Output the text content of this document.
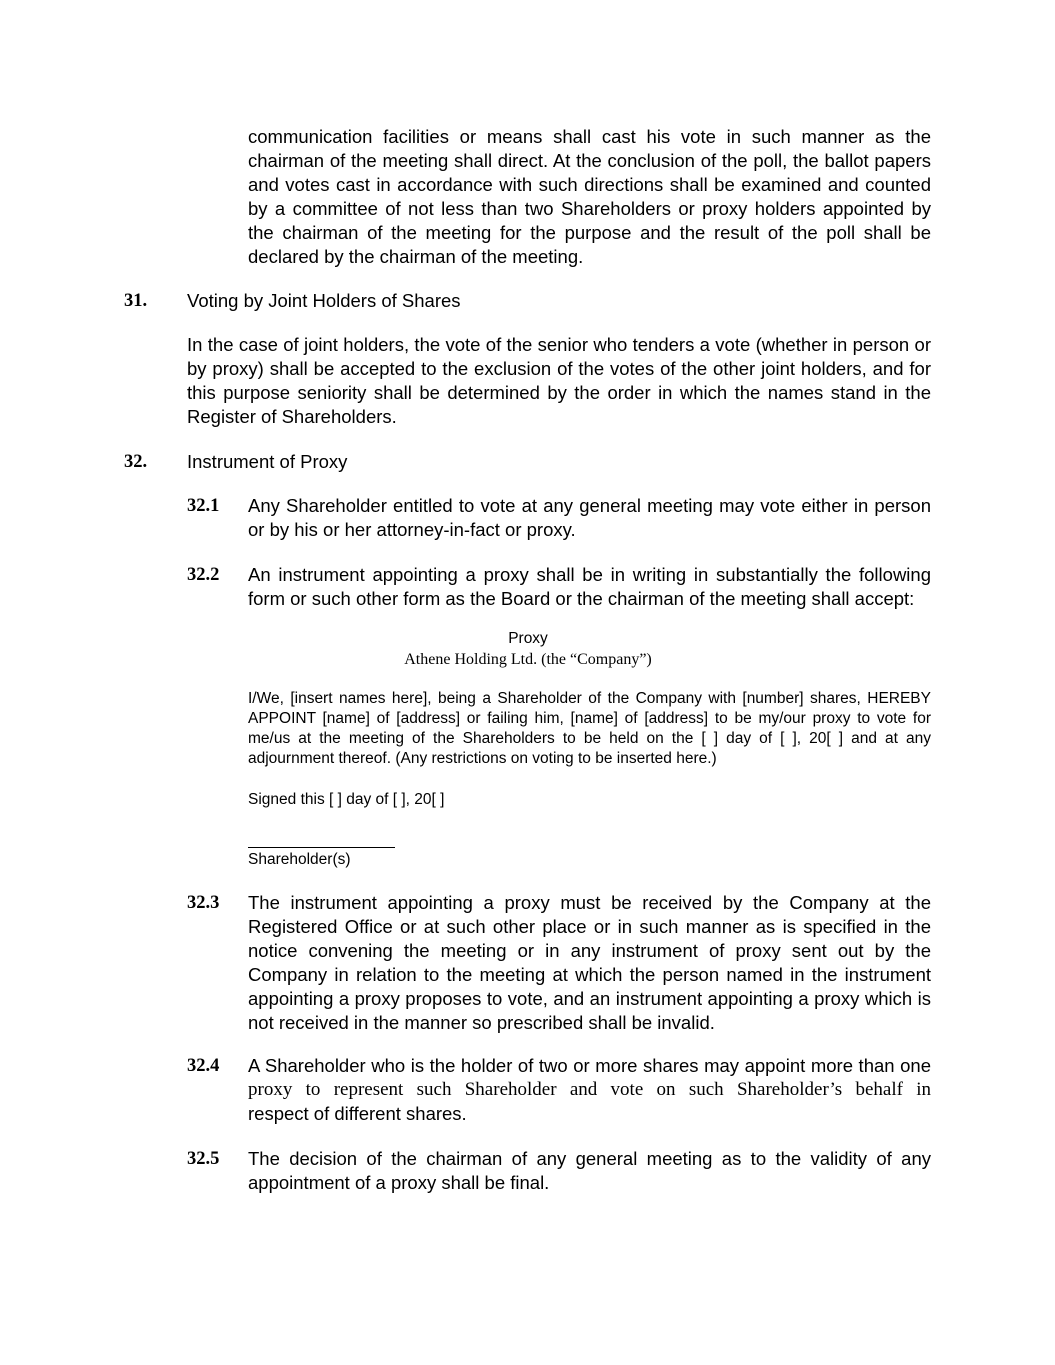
communication facilities or means shall cast his vote in such manner as the chairman of the meeting shall direct. At the conclusion of the poll, the ballot papers and votes cast in accordance with such directions shall be examined and counted by a committee of not less than two Shareholders or proxy holders appointed by the chairman of the meeting for the purpose and the result of the poll shall be declared by the chairman of the meeting.

31. Voting by Joint Holders of Shares

In the case of joint holders, the vote of the senior who tenders a vote (whether in person or by proxy) shall be accepted to the exclusion of the votes of the other joint holders, and for this purpose seniority shall be determined by the order in which the names stand in the Register of Shareholders.

32. Instrument of Proxy
32.1 Any Shareholder entitled to vote at any general meeting may vote either in person or by his or her attorney-in-fact or proxy.

32.2 An instrument appointing a proxy shall be in writing in substantially the following form or such other form as the Board or the chairman of the meeting shall accept:

Proxy
Athene Holding Ltd. (the “Company”)

I/We, [insert names here], being a Shareholder of the Company with [number] shares, HEREBY APPOINT [name] of [address] or failing him, [name] of [address] to be my/our proxy to vote for me/us at the meeting of the Shareholders to be held on the [ ] day of [ ], 20[ ] and at any adjournment thereof. (Any restrictions on voting to be inserted here.)

Signed this [ ] day of [ ], 20[ ]

Shareholder(s)

32.3 The instrument appointing a proxy must be received by the Company at the Registered Office or at such other place or in such manner as is specified in the notice convening the meeting or in any instrument of proxy sent out by the Company in relation to the meeting at which the person named in the instrument appointing a proxy proposes to vote, and an instrument appointing a proxy which is not received in the manner so prescribed shall be invalid.

32.4 A Shareholder who is the holder of two or more shares may appoint more than one

proxy to represent such Shareholder and vote on such Shareholder’s behalf in

respect of different shares.

32.5 The decision of the chairman of any general meeting as to the validity of any appointment of a proxy shall be final.
